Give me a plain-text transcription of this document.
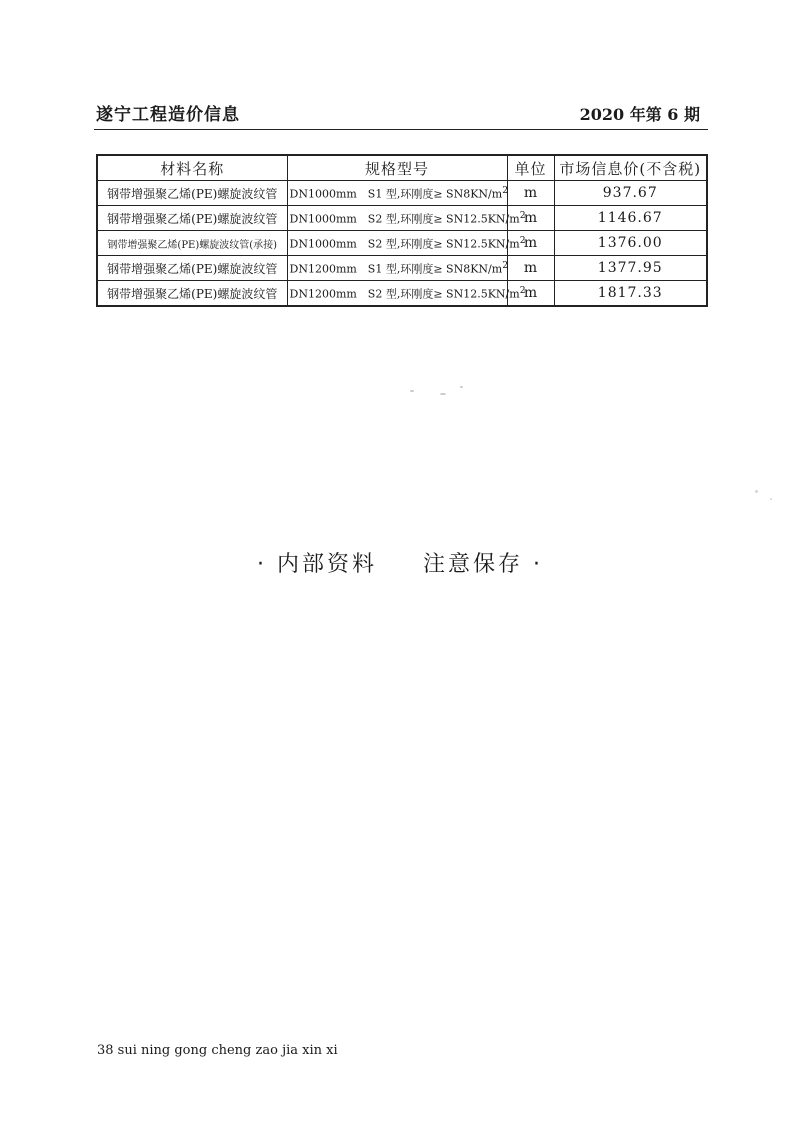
遂宁工程造价信息	2020 年第 6 期
材料名称	规格型号	单位	市场信息价(不含税)
钢带增强聚乙烯(PE)螺旋波纹管	DN1000mm　S1 型,环刚度≥ $SN8KN/m^2$	m	937.67
钢带增强聚乙烯(PE)螺旋波纹管	DN1000mm　S2 型,环刚度≥ $SN12.5KN/m^2$	m	1146.67
钢带增强聚乙烯(PE)螺旋波纹管(承接)	DN1000mm　S2 型,环刚度≥ $SN12.5KN/m^2$	m	1376.00
钢带增强聚乙烯(PE)螺旋波纹管	DN1200mm　S1 型,环刚度≥ $SN8KN/m^2$	m	1377.95
钢带增强聚乙烯(PE)螺旋波纹管	DN1200mm　S2 型,环刚度≥ $SN12.5KN/m^2$	m	1817.33
· 内部资料 注意保存 ·
38 sui ning gong cheng zao jia xin xi
